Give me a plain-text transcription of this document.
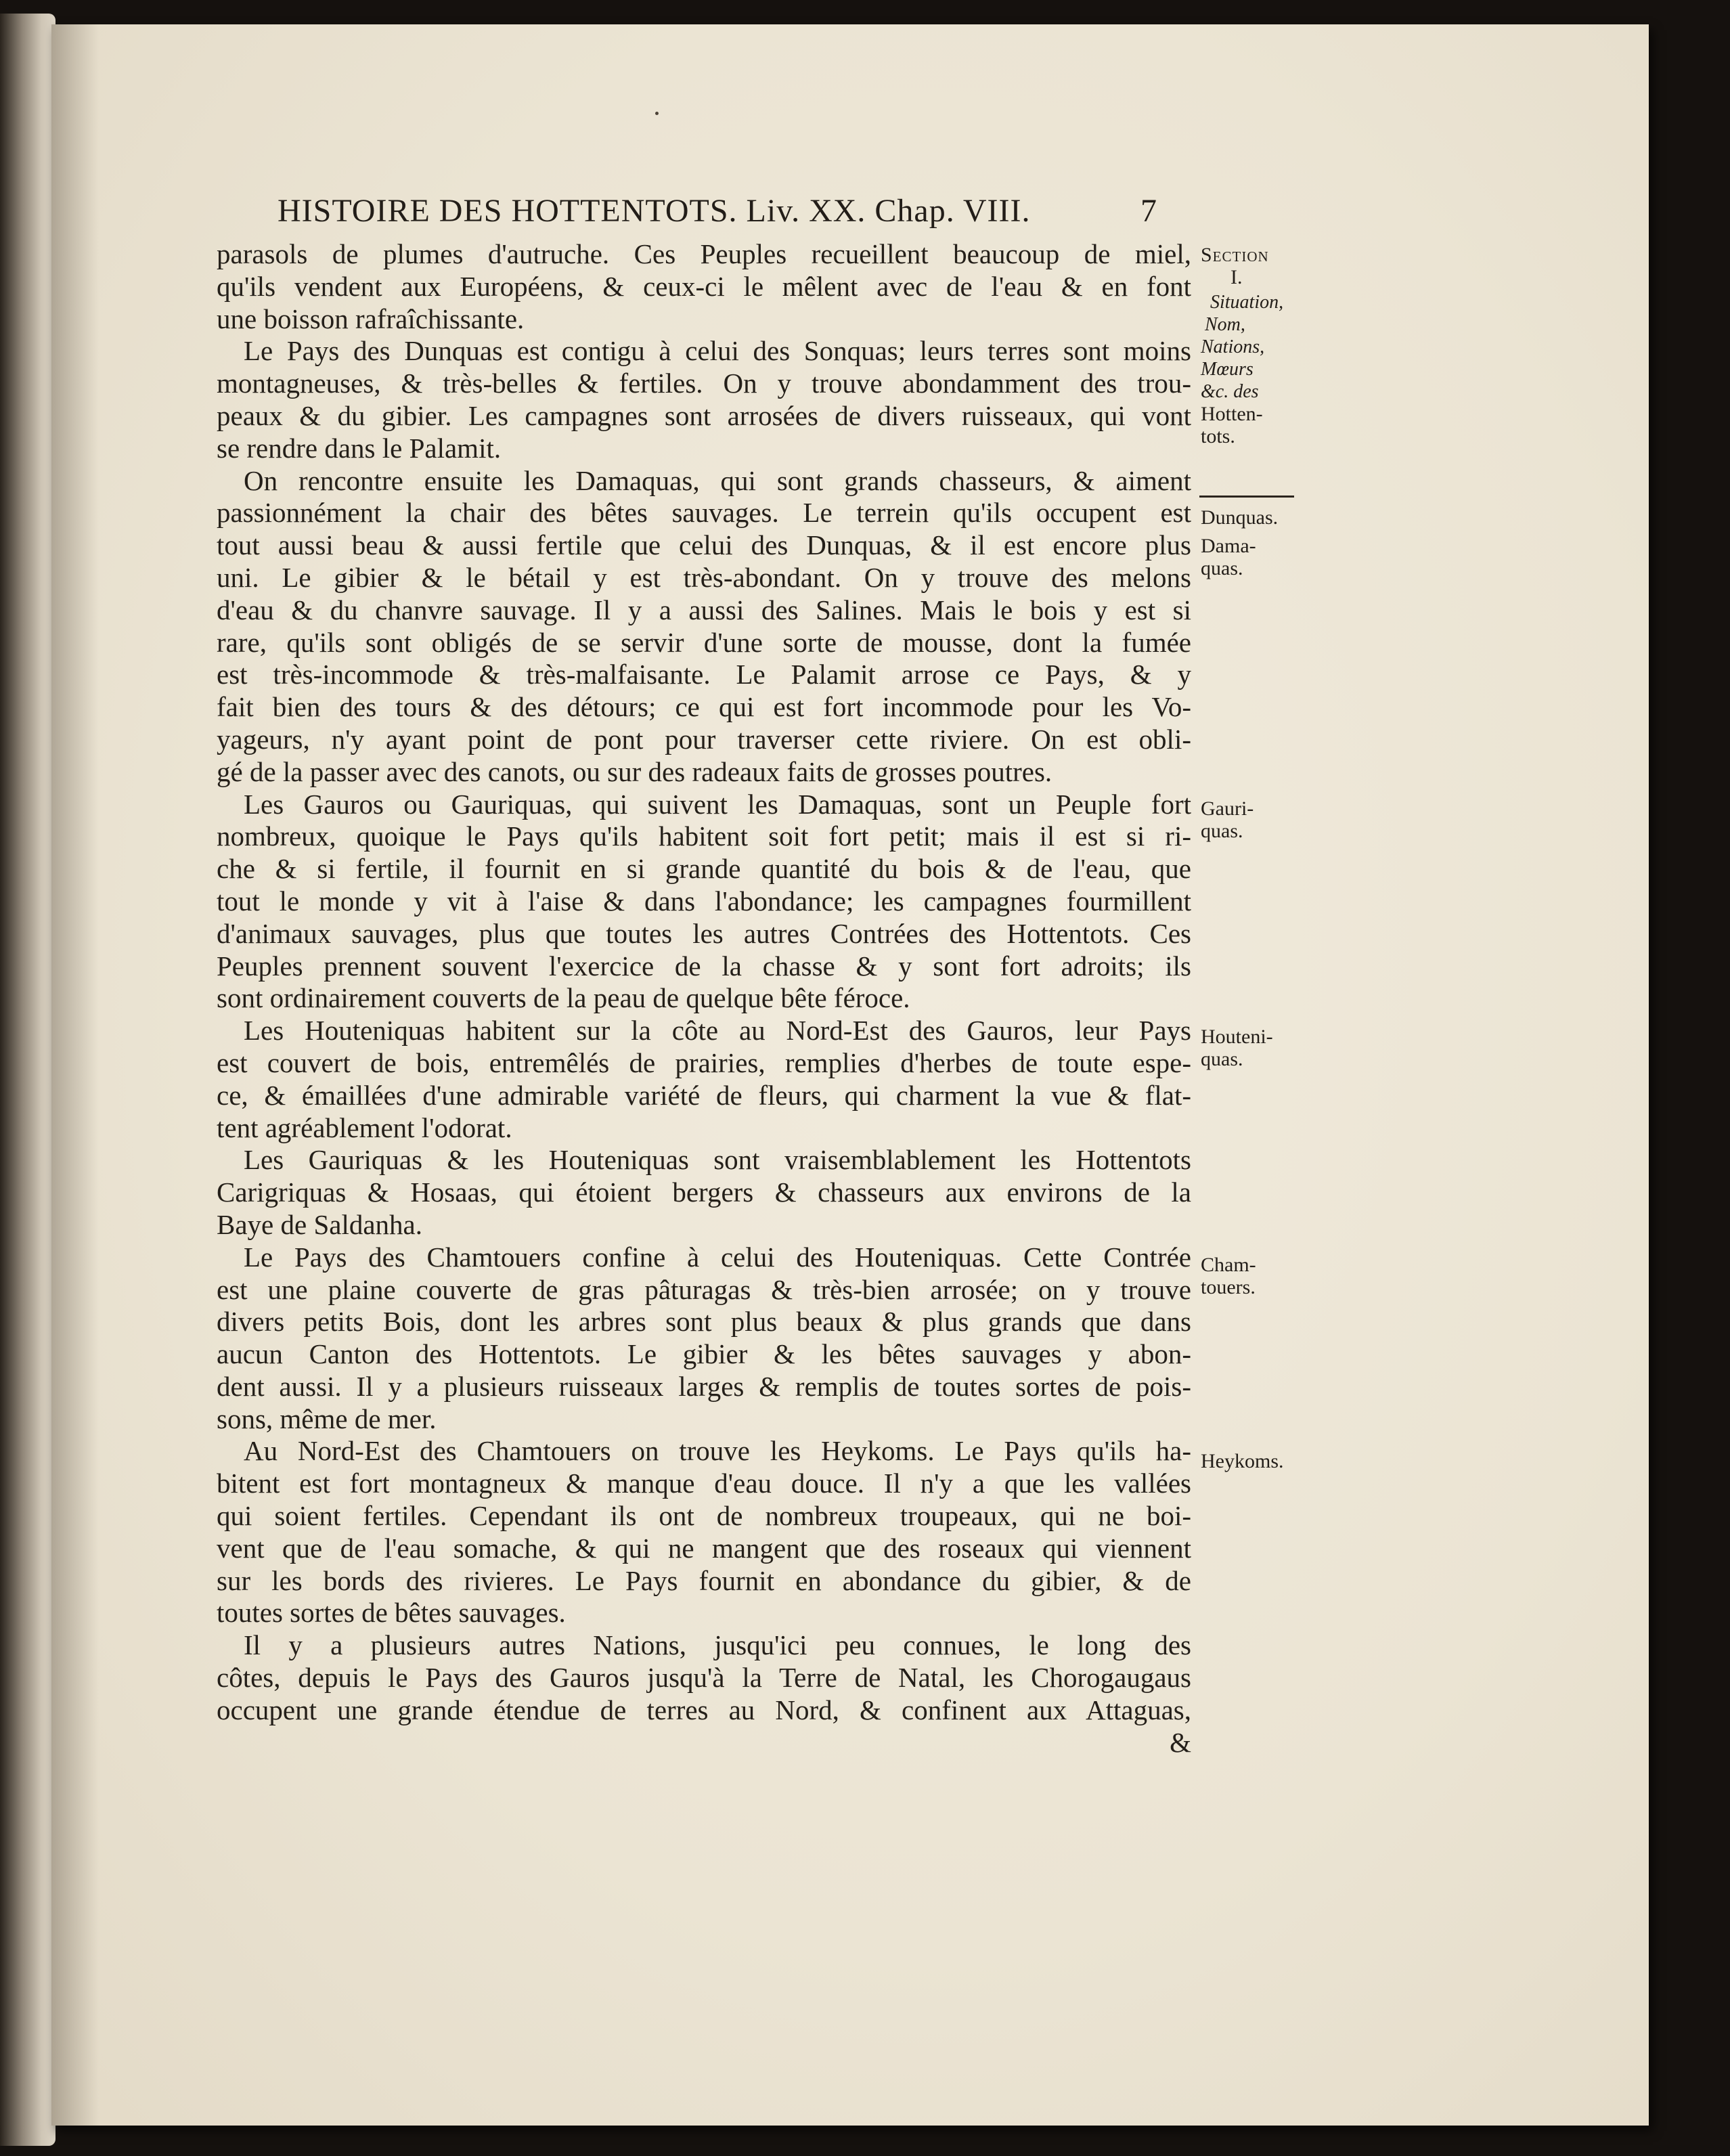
HISTOIRE DES HOTTENTOTS. Liv. XX. Chap. VIII.	7
parasols de plumes d'autruche. Ces Peuples recueillent beaucoup de miel,
qu'ils vendent aux Européens, & ceux-ci le mêlent avec de l'eau & en font
une boisson rafraîchissante.
Le Pays des Dunquas est contigu à celui des Sonquas; leurs terres sont moins
montagneuses, & très-belles & fertiles. On y trouve abondamment des trou-
peaux & du gibier. Les campagnes sont arrosées de divers ruisseaux, qui vont
se rendre dans le Palamit.
On rencontre ensuite les Damaquas, qui sont grands chasseurs, & aiment
passionnément la chair des bêtes sauvages. Le terrein qu'ils occupent est
tout aussi beau & aussi fertile que celui des Dunquas, & il est encore plus
uni. Le gibier & le bétail y est très-abondant. On y trouve des melons
d'eau & du chanvre sauvage. Il y a aussi des Salines. Mais le bois y est si
rare, qu'ils sont obligés de se servir d'une sorte de mousse, dont la fumée
est très-incommode & très-malfaisante. Le Palamit arrose ce Pays, & y
fait bien des tours & des détours; ce qui est fort incommode pour les Vo-
yageurs, n'y ayant point de pont pour traverser cette riviere. On est obli-
gé de la passer avec des canots, ou sur des radeaux faits de grosses poutres.
Les Gauros ou Gauriquas, qui suivent les Damaquas, sont un Peuple fort
nombreux, quoique le Pays qu'ils habitent soit fort petit; mais il est si ri-
che & si fertile, il fournit en si grande quantité du bois & de l'eau, que
tout le monde y vit à l'aise & dans l'abondance; les campagnes fourmillent
d'animaux sauvages, plus que toutes les autres Contrées des Hottentots. Ces
Peuples prennent souvent l'exercice de la chasse & y sont fort adroits; ils
sont ordinairement couverts de la peau de quelque bête féroce.
Les Houteniquas habitent sur la côte au Nord-Est des Gauros, leur Pays
est couvert de bois, entremêlés de prairies, remplies d'herbes de toute espe-
ce, & émaillées d'une admirable variété de fleurs, qui charment la vue & flat-
tent agréablement l'odorat.
Les Gauriquas & les Houteniquas sont vraisemblablement les Hottentots
Carigriquas & Hosaas, qui étoient bergers & chasseurs aux environs de la
Baye de Saldanha.
Le Pays des Chamtouers confine à celui des Houteniquas. Cette Contrée
est une plaine couverte de gras pâturagas & très-bien arrosée; on y trouve
divers petits Bois, dont les arbres sont plus beaux & plus grands que dans
aucun Canton des Hottentots. Le gibier & les bêtes sauvages y abon-
dent aussi. Il y a plusieurs ruisseaux larges & remplis de toutes sortes de pois-
sons, même de mer.
Au Nord-Est des Chamtouers on trouve les Heykoms. Le Pays qu'ils ha-
bitent est fort montagneux & manque d'eau douce. Il n'y a que les vallées
qui soient fertiles. Cependant ils ont de nombreux troupeaux, qui ne boi-
vent que de l'eau somache, & qui ne mangent que des roseaux qui viennent
sur les bords des rivieres. Le Pays fournit en abondance du gibier, & de
toutes sortes de bêtes sauvages.
Il y a plusieurs autres Nations, jusqu'ici peu connues, le long des
côtes, depuis le Pays des Gauros jusqu'à la Terre de Natal, les Chorogaugaus
occupent une grande étendue de terres au Nord, & confinent aux Attaguas,
&
Section
I.
Situation,
Nom,
Nations,
Mœurs
&c. des
Hotten-
tots.
Dunquas.
Dama-
quas.
Gauri-
quas.
Houteni-
quas.
Cham-
touers.
Heykoms.
